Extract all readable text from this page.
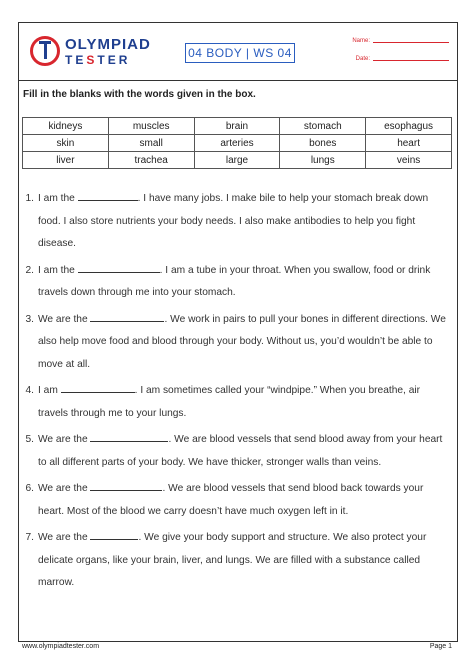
OLYMPIAD
TESTER	04 BODY | WS 04
Name:
Date:
Fill in the blanks with the words given in the box.
kidneys	muscles	brain	stomach	esophagus
skin	small	arteries	bones	heart
liver	trachea	large	lungs	veins
1. I am the	. I have many jobs. I make bile to help your stomach break down food. I also store nutrients your body needs. I also make antibodies to help you fight disease.
2. I am the	. I am a tube in your throat. When you swallow, food or drink travels down through me into your stomach.
3. We are the	. We work in pairs to pull your bones in different directions. We also help move food and blood through your body. Without us, you’d wouldn’t be able to move at all.
4. I am	. I am sometimes called your “windpipe.” When you breathe, air travels through me to your lungs.
5. We are the	. We are blood vessels that send blood away from your heart to all different parts of your body. We have thicker, stronger walls than veins.
6. We are the	. We are blood vessels that send blood back towards your heart. Most of the blood we carry doesn’t have much oxygen left in it.
7. We are the	. We give your body support and structure. We also protect your delicate organs, like your brain, liver, and lungs. We are filled with a substance called marrow.
www.olympiadtester.com	Page 1
